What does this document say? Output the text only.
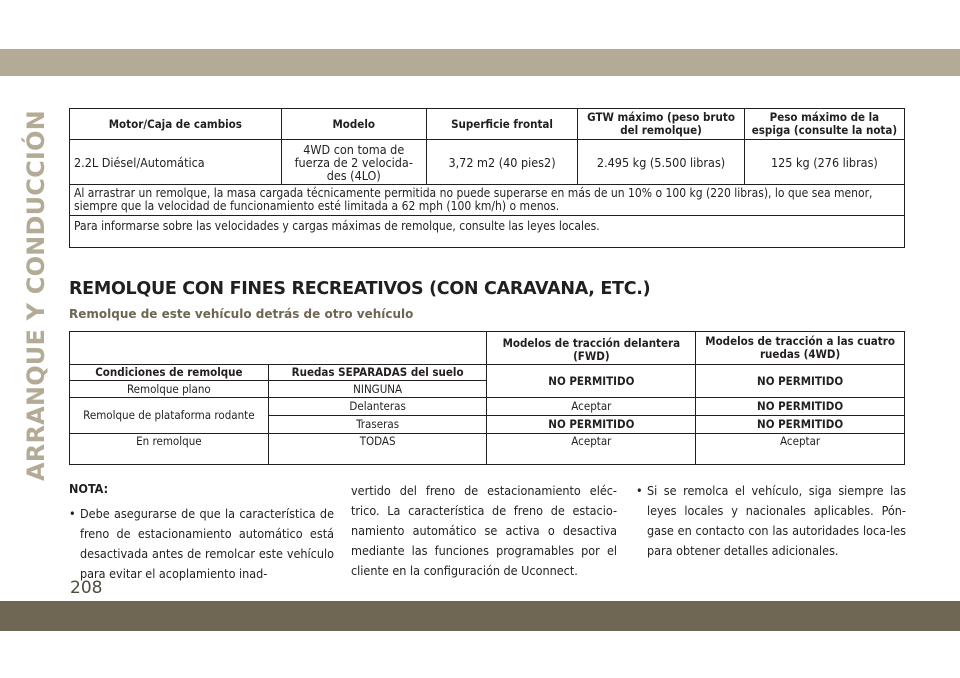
ARRANQUE Y CONDUCCIÓN	Motor/Caja de cambios	Modelo	Superficie frontal	GTW máximo (peso bruto del remolque)	Peso máximo de la espiga (consulte la nota)
2.2L Diésel/Automática	4WD con toma de fuerza de 2 velocida-des (4LO)	3,72 m2 (40 pies2)	2.495 kg (5.500 libras)	125 kg (276 libras)
Al arrastrar un remolque, la masa cargada técnicamente permitida no puede superarse en más de un 10% o 100 kg (220 libras), lo que sea menor, siempre que la velocidad de funcionamiento esté limitada a 62 mph (100 km/h) o menos.				
Para informarse sobre las velocidades y cargas máximas de remolque, consulte las leyes locales.				
REMOLQUE CON FINES RECREATIVOS (CON CARAVANA, ETC.)
Remolque de este vehículo detrás de otro vehículo
		Modelos de tracción delantera (FWD)	Modelos de tracción a las cuatro ruedas (4WD)
Condiciones de remolque	Ruedas SEPARADAS del suelo	NO PERMITIDO	NO PERMITIDO
Remolque plano	NINGUNA		
Remolque de plataforma rodante	Delanteras	Aceptar	NO PERMITIDO
	Traseras	NO PERMITIDO	NO PERMITIDO
En remolque	TODAS	Aceptar	Aceptar
NOTA:
• Debe asegurarse de que la característica de freno de estacionamiento automático está desactivada antes de remolcar este vehículo para evitar el acoplamiento inad-
vertido del freno de estacionamiento eléc-trico. La característica de freno de estacio-namiento automático se activa o desactiva mediante las funciones programables por el cliente en la configuración de Uconnect.
• Si se remolca el vehículo, siga siempre las leyes locales y nacionales aplicables. Pón-gase en contacto con las autoridades loca-les para obtener detalles adicionales.
208
